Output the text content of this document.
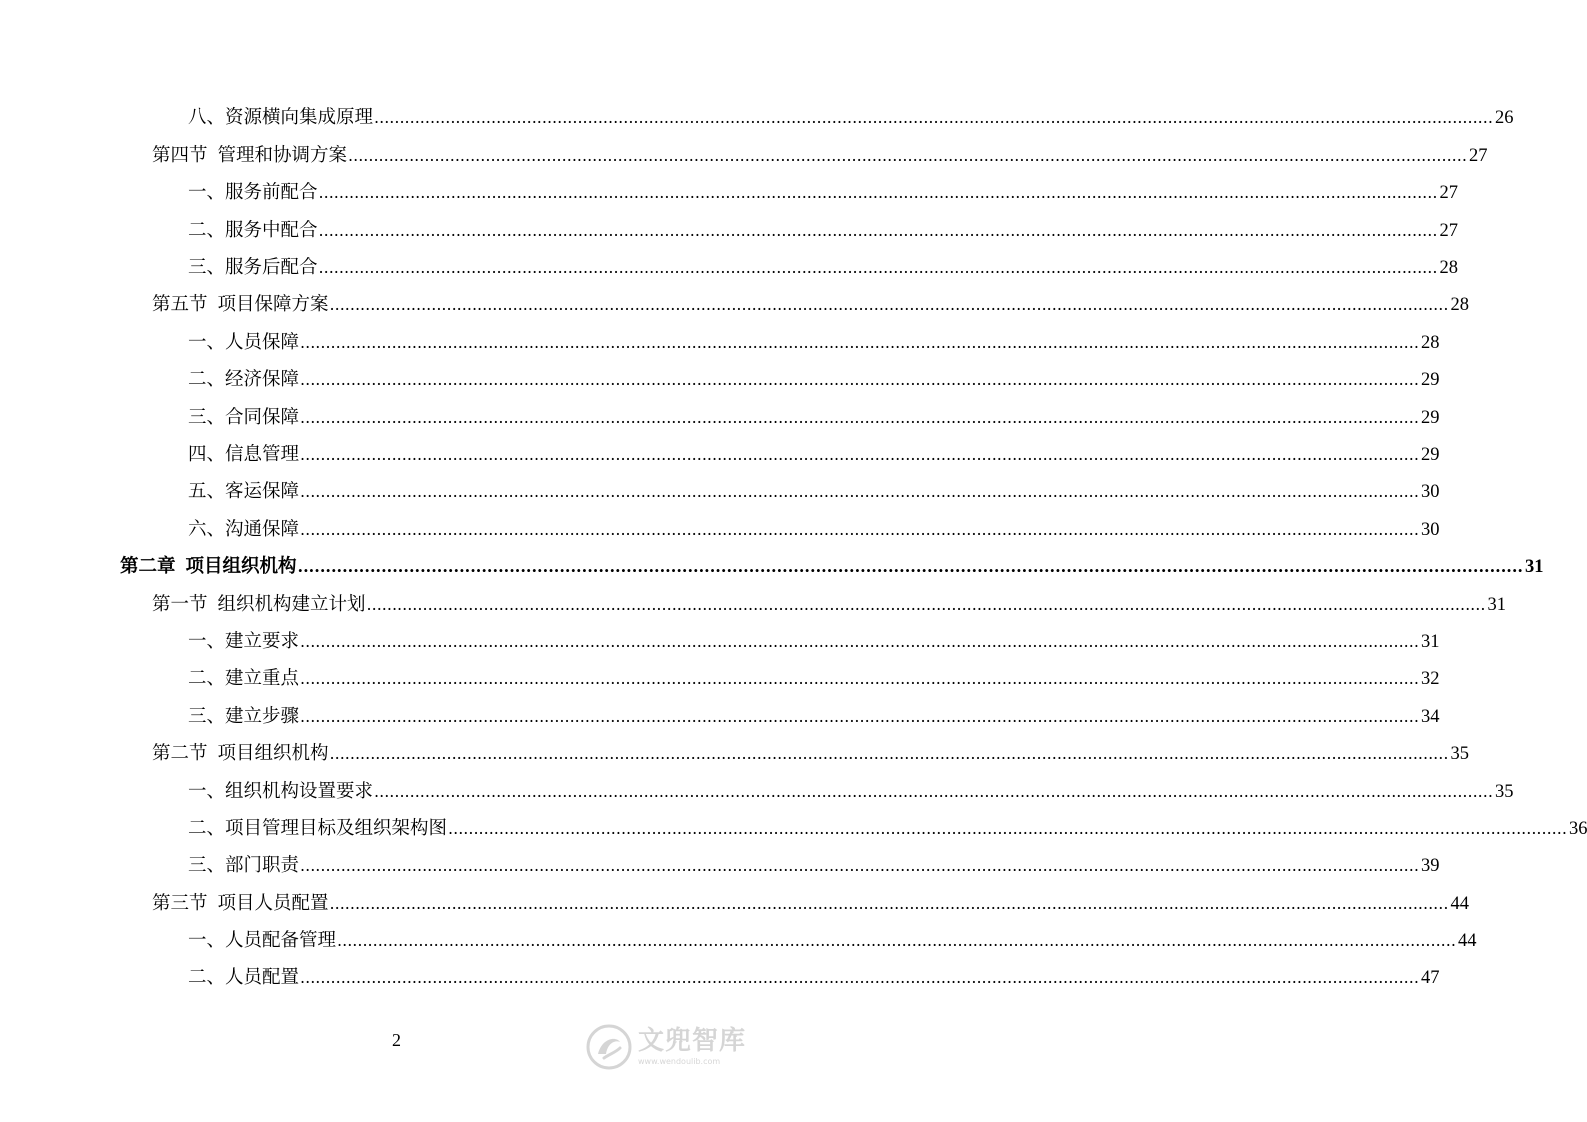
八、资源横向集成原理 ............................................................................................................................................................................................................................ 26
第四节 管理和协调方案 ............................................................................................................................................................................................................................ 27
一、服务前配合 ............................................................................................................................................................................................................................ 27
二、服务中配合 ............................................................................................................................................................................................................................ 27
三、服务后配合 ............................................................................................................................................................................................................................ 28
第五节 项目保障方案 ............................................................................................................................................................................................................................ 28
一、人员保障 ............................................................................................................................................................................................................................ 28
二、经济保障 ............................................................................................................................................................................................................................ 29
三、合同保障 ............................................................................................................................................................................................................................ 29
四、信息管理 ............................................................................................................................................................................................................................ 29
五、客运保障 ............................................................................................................................................................................................................................ 30
六、沟通保障 ............................................................................................................................................................................................................................ 30
第二章 项目组织机构 ............................................................................................................................................................................................................................ 31
第一节 组织机构建立计划 ............................................................................................................................................................................................................................ 31
一、建立要求 ............................................................................................................................................................................................................................ 31
二、建立重点 ............................................................................................................................................................................................................................ 32
三、建立步骤 ............................................................................................................................................................................................................................ 34
第二节 项目组织机构 ............................................................................................................................................................................................................................ 35
一、组织机构设置要求 ............................................................................................................................................................................................................................ 35
二、项目管理目标及组织架构图 ............................................................................................................................................................................................................................ 36
三、部门职责 ............................................................................................................................................................................................................................ 39
第三节 项目人员配置 ............................................................................................................................................................................................................................ 44
一、人员配备管理 ............................................................................................................................................................................................................................ 44
二、人员配置 ............................................................................................................................................................................................................................ 47
2	文兜智库
www.wendoulib.com
